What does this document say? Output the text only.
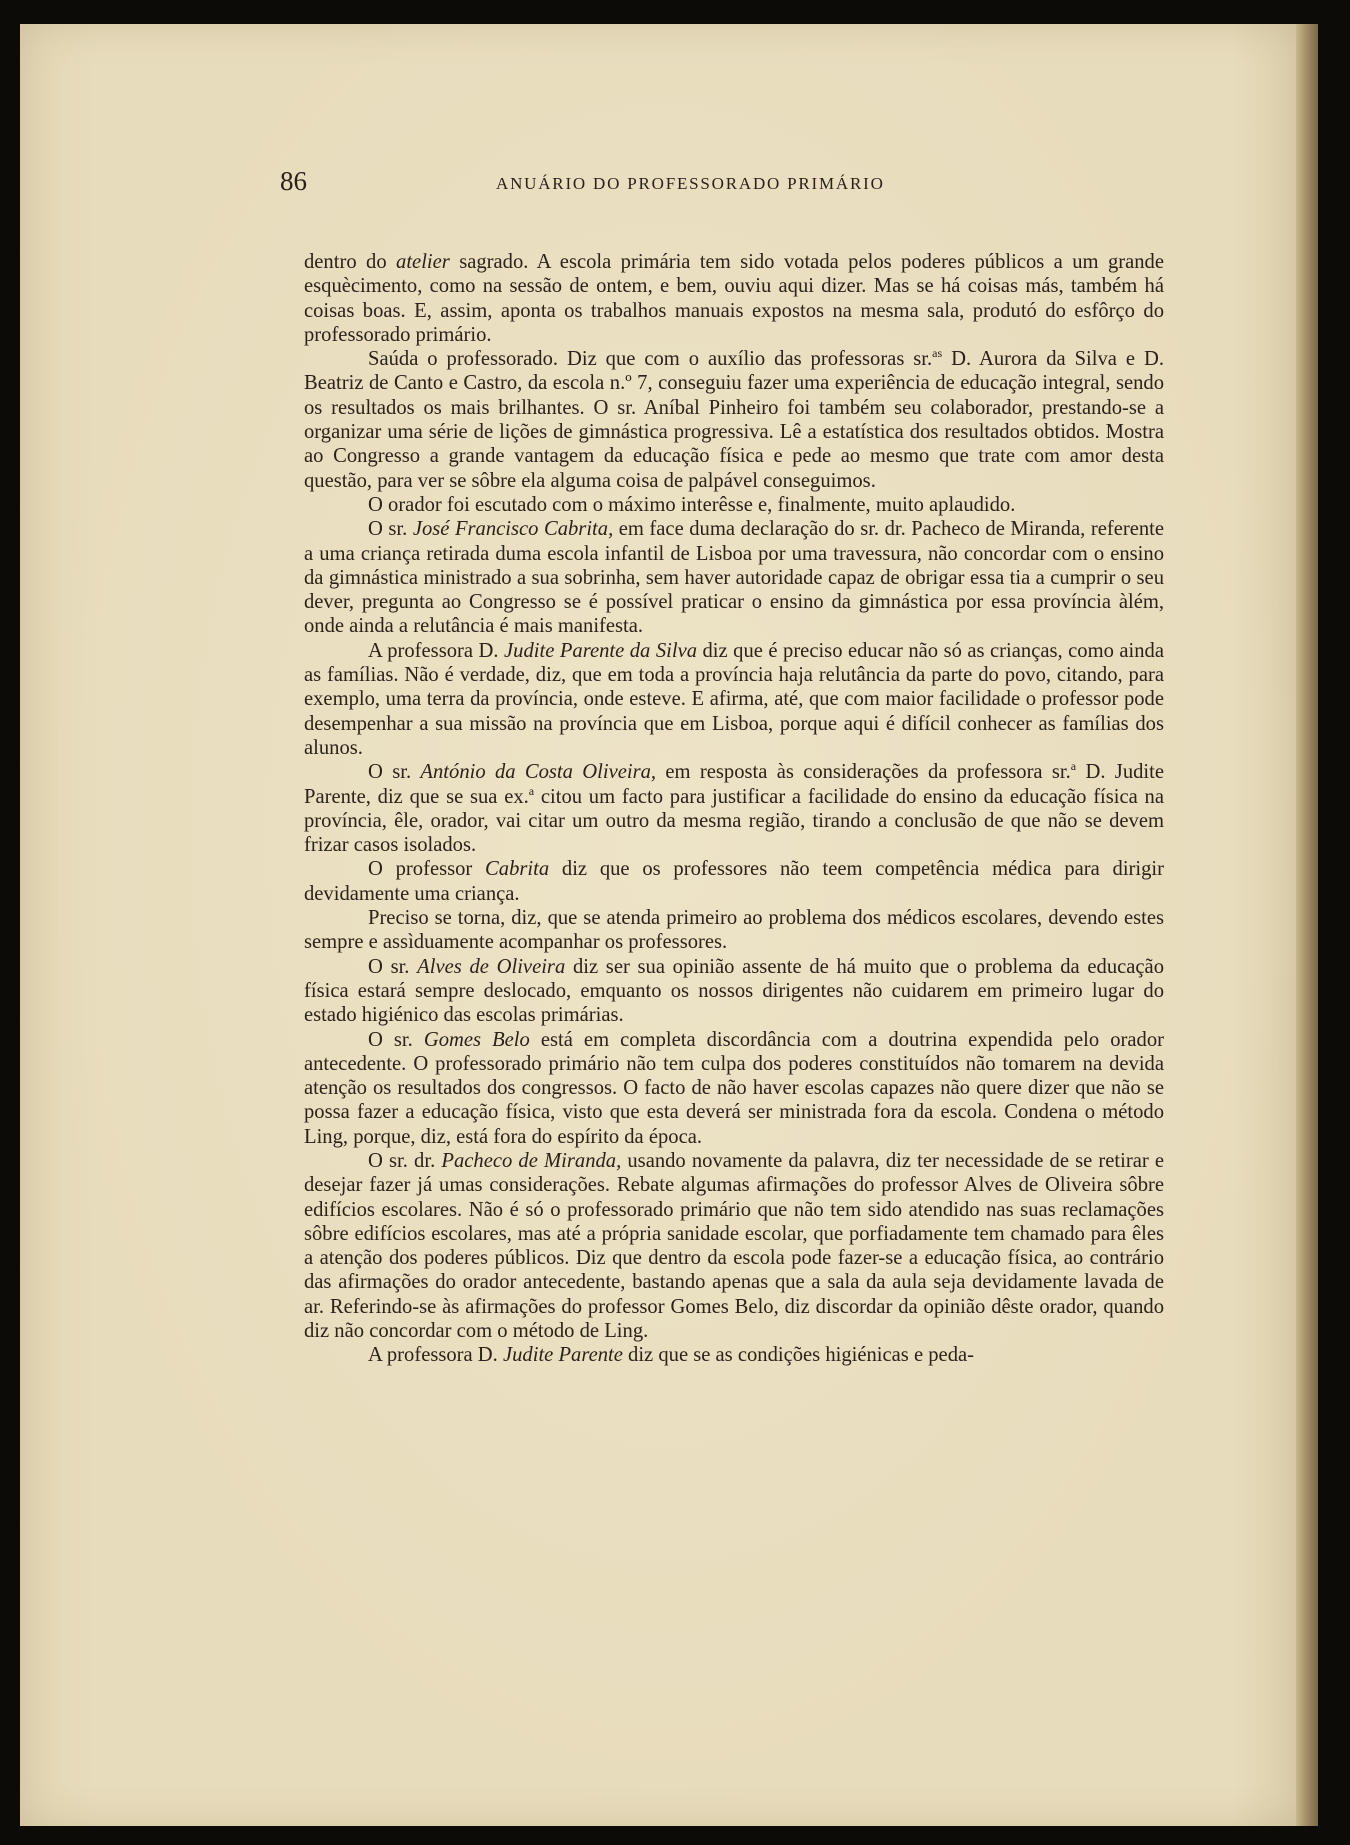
86	ANUÁRIO DO PROFESSORADO PRIMÁRIO

dentro do atelier sagrado. A escola primária tem sido votada pelos poderes públicos a um grande esquècimento, como na sessão de ontem, e bem, ouviu aqui dizer. Mas se há coisas más, também há coisas boas. E, assim, aponta os trabalhos manuais expostos na mesma sala, produtó do esfôrço do professorado primário.

Saúda o professorado. Diz que com o auxílio das professoras sr.$^{as}$ D. Aurora da Silva e D. Beatriz de Canto e Castro, da escola n.º 7, conseguiu fazer uma experiência de educação integral, sendo os resultados os mais brilhantes. O sr. Aníbal Pinheiro foi também seu colaborador, prestando-se a organizar uma série de lições de gimnástica progressiva. Lê a estatística dos resultados obtidos. Mostra ao Congresso a grande vantagem da educação física e pede ao mesmo que trate com amor desta questão, para ver se sôbre ela alguma coisa de palpável conseguimos.

O orador foi escutado com o máximo interêsse e, finalmente, muito aplaudido.

O sr. José Francisco Cabrita, em face duma declaração do sr. dr. Pacheco de Miranda, referente a uma criança retirada duma escola infantil de Lisboa por uma travessura, não concordar com o ensino da gimnástica ministrado a sua sobrinha, sem haver autoridade capaz de obrigar essa tia a cumprir o seu dever, pregunta ao Congresso se é possível praticar o ensino da gimnástica por essa província àlém, onde ainda a relutância é mais manifesta.

A professora D. Judite Parente da Silva diz que é preciso educar não só as crianças, como ainda as famílias. Não é verdade, diz, que em toda a província haja relutância da parte do povo, citando, para exemplo, uma terra da província, onde esteve. E afirma, até, que com maior facilidade o professor pode desempenhar a sua missão na província que em Lisboa, porque aqui é difícil conhecer as famílias dos alunos.

O sr. António da Costa Oliveira, em resposta às considerações da professora sr.$^a$ D. Judite Parente, diz que se sua ex.$^a$ citou um facto para justificar a facilidade do ensino da educação física na província, êle, orador, vai citar um outro da mesma região, tirando a conclusão de que não se devem frizar casos isolados.

O professor Cabrita diz que os professores não teem competência médica para dirigir devidamente uma criança.

Preciso se torna, diz, que se atenda primeiro ao problema dos médicos escolares, devendo estes sempre e assìduamente acompanhar os professores.

O sr. Alves de Oliveira diz ser sua opinião assente de há muito que o problema da educação física estará sempre deslocado, emquanto os nossos dirigentes não cuidarem em primeiro lugar do estado higiénico das escolas primárias.

O sr. Gomes Belo está em completa discordância com a doutrina expendida pelo orador antecedente. O professorado primário não tem culpa dos poderes constituídos não tomarem na devida atenção os resultados dos congressos. O facto de não haver escolas capazes não quere dizer que não se possa fazer a educação física, visto que esta deverá ser ministrada fora da escola. Condena o método Ling, porque, diz, está fora do espírito da época.

O sr. dr. Pacheco de Miranda, usando novamente da palavra, diz ter necessidade de se retirar e desejar fazer já umas considerações. Rebate algumas afirmações do professor Alves de Oliveira sôbre edifícios escolares. Não é só o professorado primário que não tem sido atendido nas suas reclamações sôbre edifícios escolares, mas até a própria sanidade escolar, que porfiadamente tem chamado para êles a atenção dos poderes públicos. Diz que dentro da escola pode fazer-se a educação física, ao contrário das afirmações do orador antecedente, bastando apenas que a sala da aula seja devidamente lavada de ar. Referindo-se às afirmações do professor Gomes Belo, diz discordar da opinião dêste orador, quando diz não concordar com o método de Ling.

A professora D. Judite Parente diz que se as condições higiénicas e peda-
